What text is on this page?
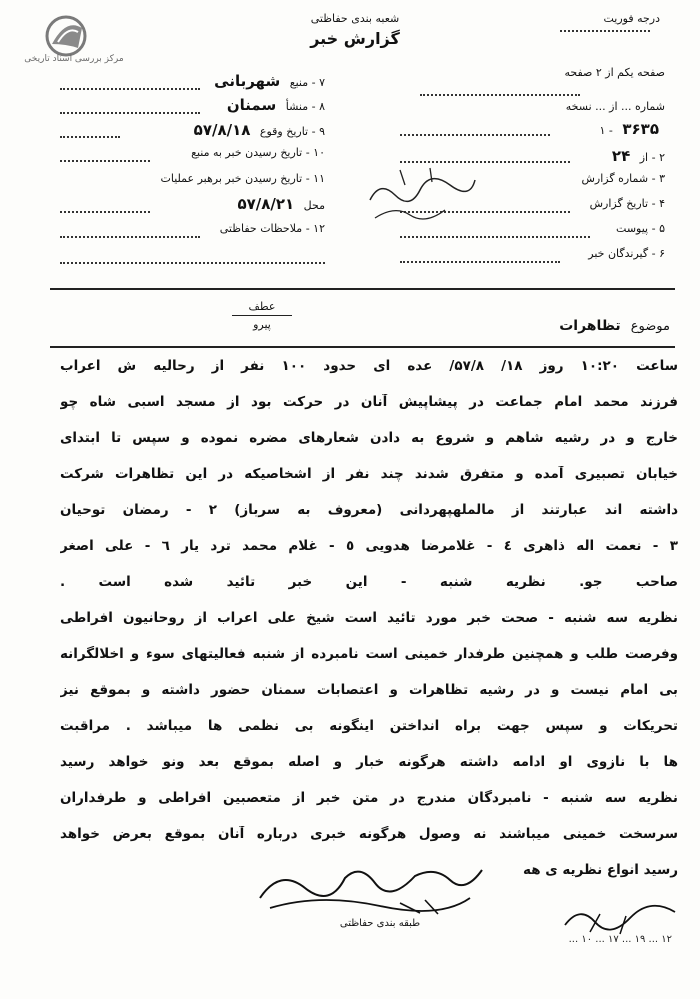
مرکز بررسی اسناد تاریخی
شعبه بندی حفاظتی
گزارش خبر
درجه فوریت
صفحه یکم از ۲ صفحه
شماره ... از ... نسخه
۱ - ۳۶۳۵
۲ - از ۲۴
۳ - شماره گزارش
۴ - تاریخ گزارش
۵ - پیوست
۶ - گیرندگان خبر
۷ - منبع شهربانی
۸ - منشأ سمنان
۹ - تاریخ وقوع ۵۷/۸/۱۸
۱۰ - تاریخ رسیدن خبر به منبع
۱۱ - تاریخ رسیدن خبر برهبر عملیات
محل ۵۷/۸/۲۱
۱۲ - ملاحظات حفاظتی
عطف
پیرو	موضوع تظاهرات
ساعت ۱۰:۲۰ روز ۱۸/ ۵۷/۸/ عده ای حدود ۱۰۰ نفر از رحالیه ش اعراب
فرزند محمد امام جماعت در پیشاپیش آنان در حرکت بود از مسجد اسبی شاه چو
خارج و در رشیه شاهم و شروع به دادن شعارهای مضره نموده و سپس تا ابتدای
خیابان تصبیری آمده و متفرق شدند چند نفر از اشخاصیکه در این تظاهرات شرکت
داشته اند عبارتند از مالملهپهردانی (معروف به سرباز) ۲ - رمضان توحیان
۳ - نعمت اله ذاهری ٤ - غلامرضا هدویی ٥ - غلام محمد ترد یار ٦ - علی اصغر
صاحب جو. نظریه شنبه - این خبر تائید شده است .
نظریه سه شنبه - صحت خبر مورد تائید است شیخ علی اعراب از روحانیون افراطی
وفرصت طلب و همچنین طرفدار خمینی است نامبرده از شنبه فعالیتهای سوء و اخلالگرانه
بی امام نیست و در رشیه تظاهرات و اعتصابات سمنان حضور داشته و بموقع نیز
تحریکات و سپس جهت براه انداختن اینگونه بی نظمی ها میباشد . مراقبت
ها با نازوی او ادامه داشته هرگونه خبار و اصله بموقع بعد ونو خواهد رسید
نظریه سه شنبه - نامبردگان مندرج در متن خبر از متعصبین افراطی و طرفداران
سرسخت خمینی میباشند نه وصول هرگونه خبری درباره آنان بموقع بعرض خواهد
رسید انواع نظریه ی هه
طبقه بندی حفاظتی
... ۱۰ ... ۱۷ ... ۱۹ ... ۱۲
